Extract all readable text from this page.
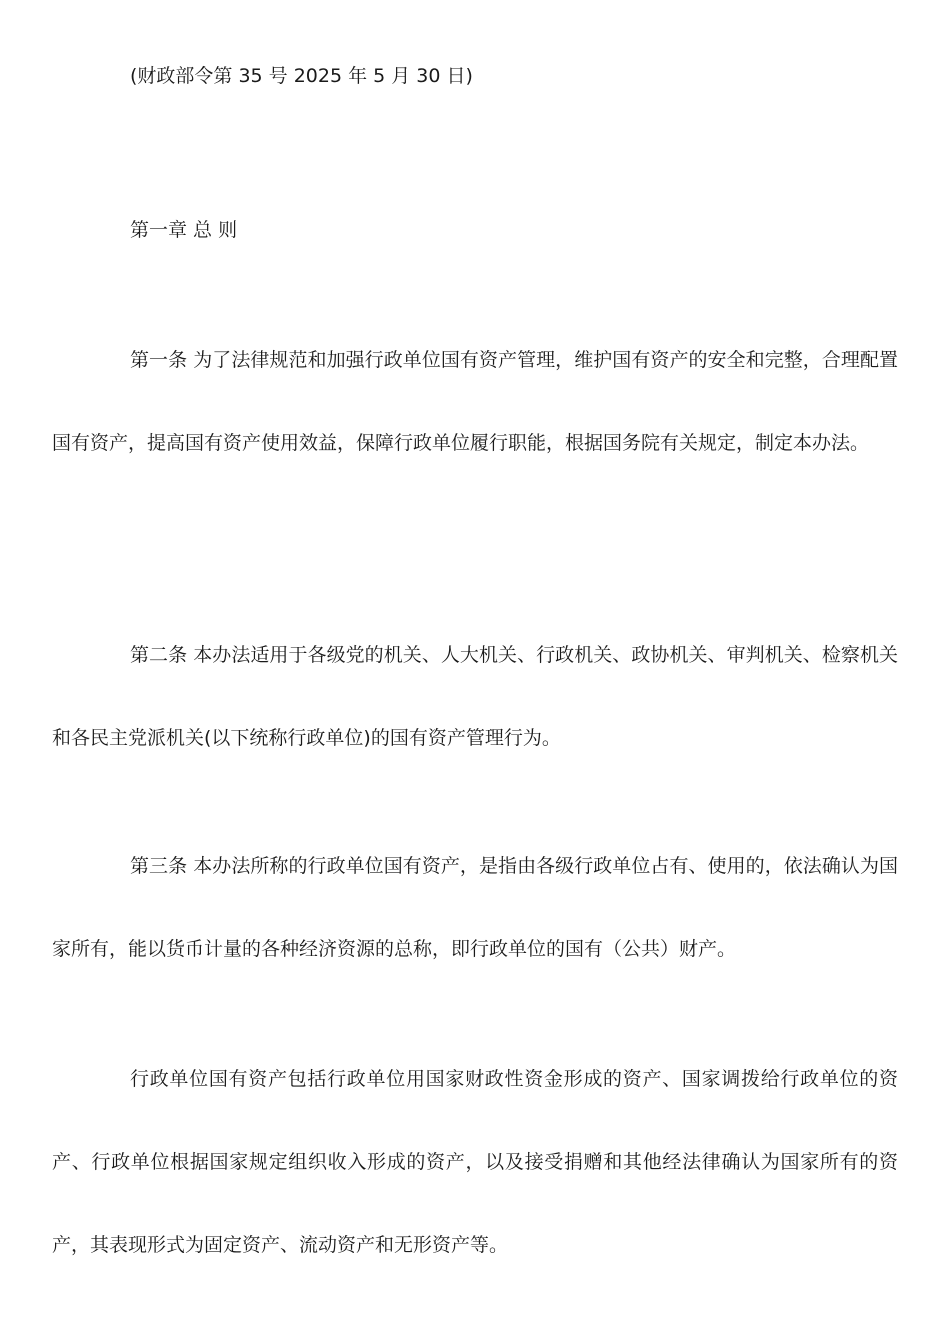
(财政部令第 35 号 2025 年 5 月 30 日)

第一章 总 则

第一条 为了法律规范和加强行政单位国有资产管理，维护国有资产的安全和完整，合理配置国有资产，提高国有资产使用效益，保障行政单位履行职能，根据国务院有关规定，制定本办法。

第二条 本办法适用于各级党的机关、人大机关、行政机关、政协机关、审判机关、检察机关和各民主党派机关(以下统称行政单位)的国有资产管理行为。

第三条 本办法所称的行政单位国有资产，是指由各级行政单位占有、使用的，依法确认为国家所有，能以货币计量的各种经济资源的总称，即行政单位的国有（公共）财产。

行政单位国有资产包括行政单位用国家财政性资金形成的资产、国家调拨给行政单位的资产、行政单位根据国家规定组织收入形成的资产，以及接受捐赠和其他经法律确认为国家所有的资产，其表现形式为固定资产、流动资产和无形资产等。
